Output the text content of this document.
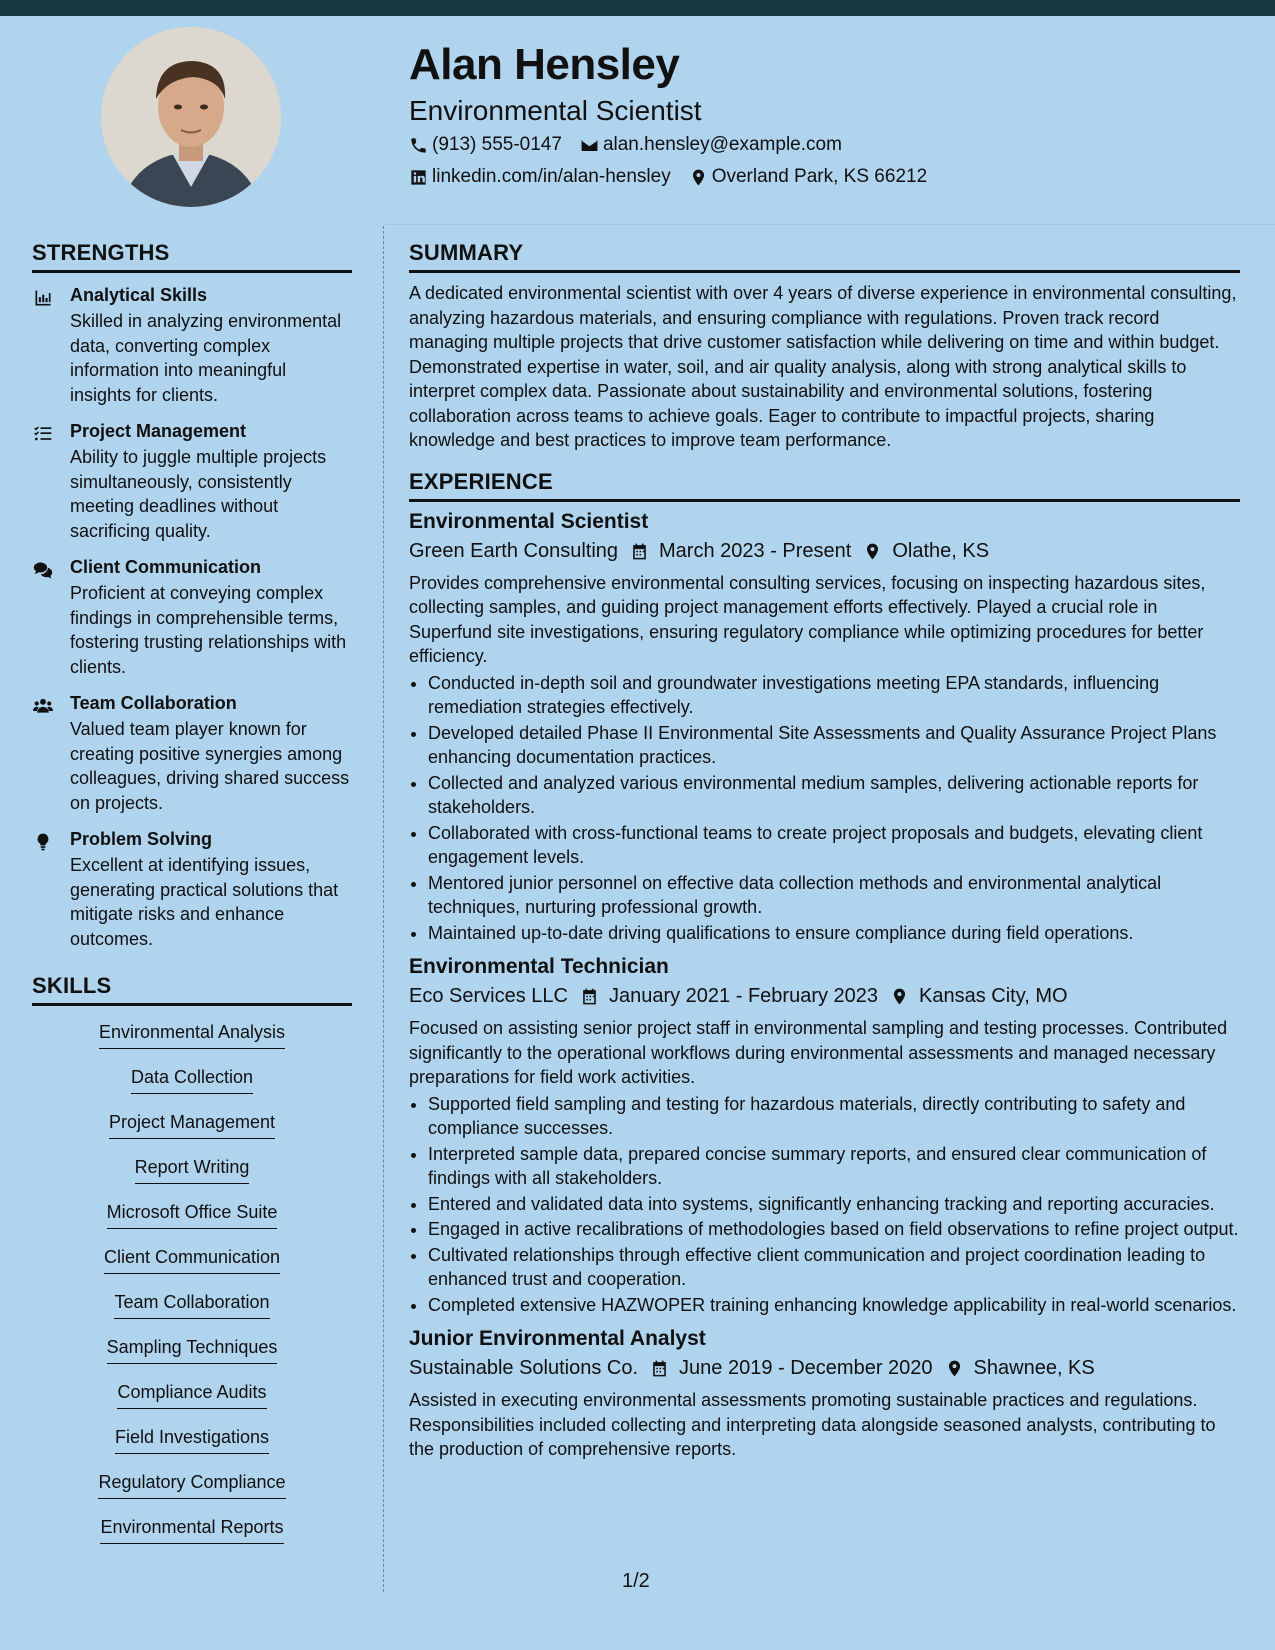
Alan Hensley
Environmental Scientist
(913) 555-0147 alan.hensley@example.com
linkedin.com/in/alan-hensley Overland Park, KS 66212
STRENGTHS
Analytical Skills
Skilled in analyzing environmental data, converting complex information into meaningful insights for clients.
Project Management
Ability to juggle multiple projects simultaneously, consistently meeting deadlines without sacrificing quality.
Client Communication
Proficient at conveying complex findings in comprehensible terms, fostering trusting relationships with clients.
Team Collaboration
Valued team player known for creating positive synergies among colleagues, driving shared success on projects.
Problem Solving
Excellent at identifying issues, generating practical solutions that mitigate risks and enhance outcomes.
SKILLS
Environmental Analysis
Data Collection
Project Management
Report Writing
Microsoft Office Suite
Client Communication
Team Collaboration
Sampling Techniques
Compliance Audits
Field Investigations
Regulatory Compliance
Environmental Reports
SUMMARY

A dedicated environmental scientist with over 4 years of diverse experience in environmental consulting, analyzing hazardous materials, and ensuring compliance with regulations. Proven track record managing multiple projects that drive customer satisfaction while delivering on time and within budget. Demonstrated expertise in water, soil, and air quality analysis, along with strong analytical skills to interpret complex data. Passionate about sustainability and environmental solutions, fostering collaboration across teams to achieve goals. Eager to contribute to impactful projects, sharing knowledge and best practices to improve team performance.

EXPERIENCE
Environmental Scientist
Green Earth Consulting March 2023 - Present Olathe, KS
Provides comprehensive environmental consulting services, focusing on inspecting hazardous sites, collecting samples, and guiding project management efforts effectively. Played a crucial role in Superfund site investigations, ensuring regulatory compliance while optimizing procedures for better efficiency.
• Conducted in-depth soil and groundwater investigations meeting EPA standards, influencing remediation strategies effectively.
• Developed detailed Phase II Environmental Site Assessments and Quality Assurance Project Plans enhancing documentation practices.
• Collected and analyzed various environmental medium samples, delivering actionable reports for stakeholders.
• Collaborated with cross-functional teams to create project proposals and budgets, elevating client engagement levels.
• Mentored junior personnel on effective data collection methods and environmental analytical techniques, nurturing professional growth.
• Maintained up-to-date driving qualifications to ensure compliance during field operations.
Environmental Technician
Eco Services LLC January 2021 - February 2023 Kansas City, MO
Focused on assisting senior project staff in environmental sampling and testing processes. Contributed significantly to the operational workflows during environmental assessments and managed necessary preparations for field work activities.
• Supported field sampling and testing for hazardous materials, directly contributing to safety and compliance successes.
• Interpreted sample data, prepared concise summary reports, and ensured clear communication of findings with all stakeholders.
• Entered and validated data into systems, significantly enhancing tracking and reporting accuracies.
• Engaged in active recalibrations of methodologies based on field observations to refine project output.
• Cultivated relationships through effective client communication and project coordination leading to enhanced trust and cooperation.
• Completed extensive HAZWOPER training enhancing knowledge applicability in real-world scenarios.
Junior Environmental Analyst
Sustainable Solutions Co. June 2019 - December 2020 Shawnee, KS
Assisted in executing environmental assessments promoting sustainable practices and regulations. Responsibilities included collecting and interpreting data alongside seasoned analysts, contributing to the production of comprehensive reports.
1/2
